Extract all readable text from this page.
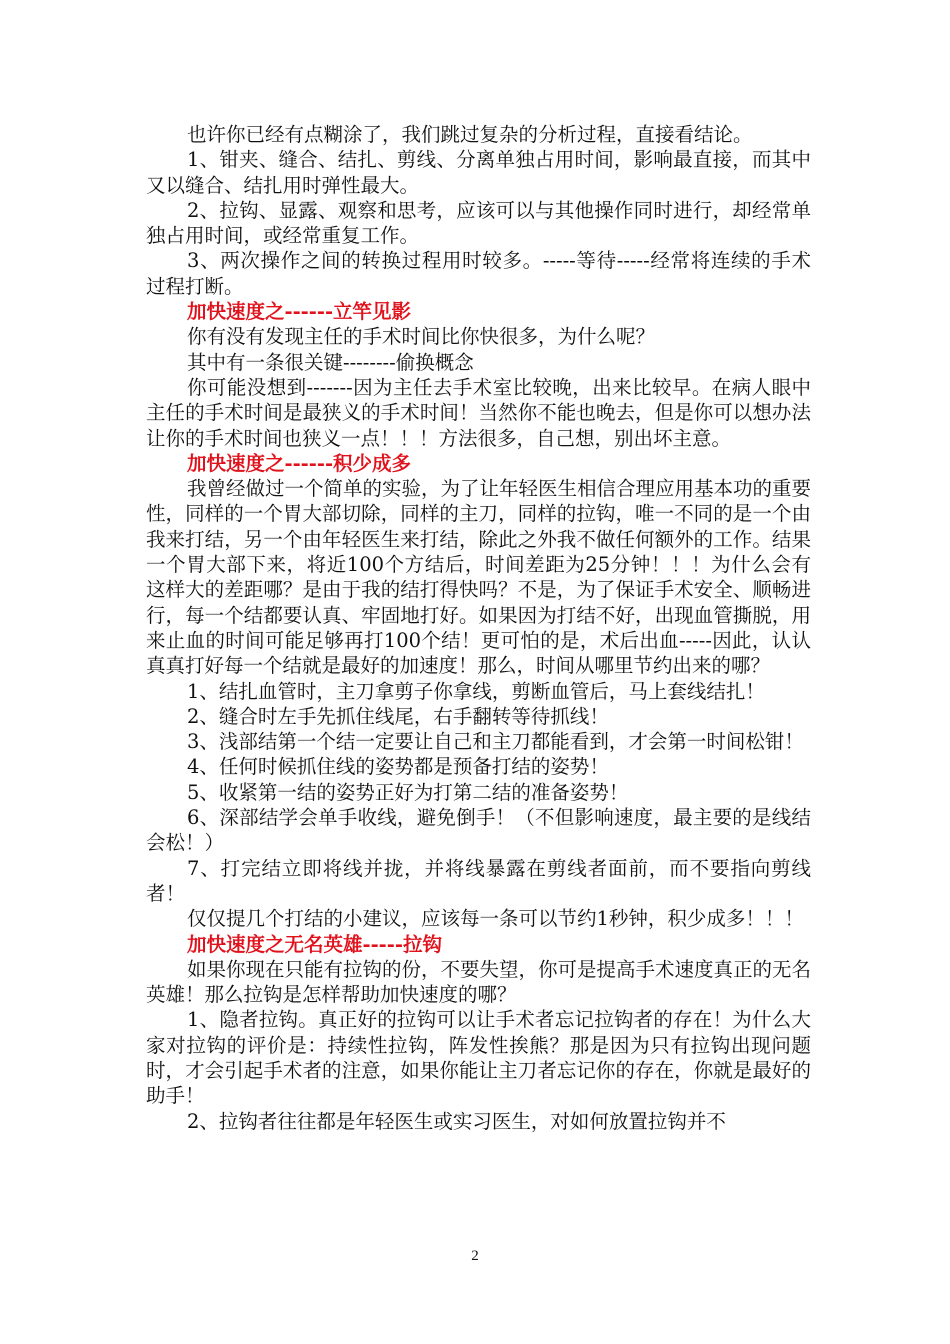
也许你已经有点糊涂了，我们跳过复杂的分析过程，直接看结论。

1、钳夹、缝合、结扎、剪线、分离单独占用时间，影响最直接，而其中又以缝合、结扎用时弹性最大。

2、拉钩、显露、观察和思考，应该可以与其他操作同时进行，却经常单独占用时间，或经常重复工作。

3、两次操作之间的转换过程用时较多。-----等待-----经常将连续的手术过程打断。

加快速度之------立竿见影

你有没有发现主任的手术时间比你快很多，为什么呢？

其中有一条很关键--------偷换概念

你可能没想到-------因为主任去手术室比较晚，出来比较早。在病人眼中主任的手术时间是最狭义的手术时间！当然你不能也晚去，但是你可以想办法让你的手术时间也狭义一点！！！方法很多，自己想，别出坏主意。

加快速度之------积少成多

我曾经做过一个简单的实验，为了让年轻医生相信合理应用基本功的重要性，同样的一个胃大部切除，同样的主刀，同样的拉钩，唯一不同的是一个由我来打结，另一个由年轻医生来打结，除此之外我不做任何额外的工作。结果一个胃大部下来，将近100个方结后，时间差距为25分钟！！！为什么会有这样大的差距哪？是由于我的结打得快吗？不是，为了保证手术安全、顺畅进行，每一个结都要认真、牢固地打好。如果因为打结不好，出现血管撕脱，用来止血的时间可能足够再打100个结！更可怕的是，术后出血-----因此，认认真真打好每一个结就是最好的加速度！那么，时间从哪里节约出来的哪？

1、结扎血管时，主刀拿剪子你拿线，剪断血管后，马上套线结扎！

2、缝合时左手先抓住线尾，右手翻转等待抓线！

3、浅部结第一个结一定要让自己和主刀都能看到，才会第一时间松钳！

4、任何时候抓住线的姿势都是预备打结的姿势！

5、收紧第一结的姿势正好为打第二结的准备姿势！

6、深部结学会单手收线，避免倒手！（不但影响速度，最主要的是线结会松！）

7、打完结立即将线并拢，并将线暴露在剪线者面前，而不要指向剪线者！

仅仅提几个打结的小建议，应该每一条可以节约1秒钟，积少成多！！！

加快速度之无名英雄-----拉钩

如果你现在只能有拉钩的份，不要失望，你可是提高手术速度真正的无名英雄！那么拉钩是怎样帮助加快速度的哪？

1、隐者拉钩。真正好的拉钩可以让手术者忘记拉钩者的存在！为什么大家对拉钩的评价是：持续性拉钩，阵发性挨熊？那是因为只有拉钩出现问题时，才会引起手术者的注意，如果你能让主刀者忘记你的存在，你就是最好的助手！

2、拉钩者往往都是年轻医生或实习医生，对如何放置拉钩并不

2
